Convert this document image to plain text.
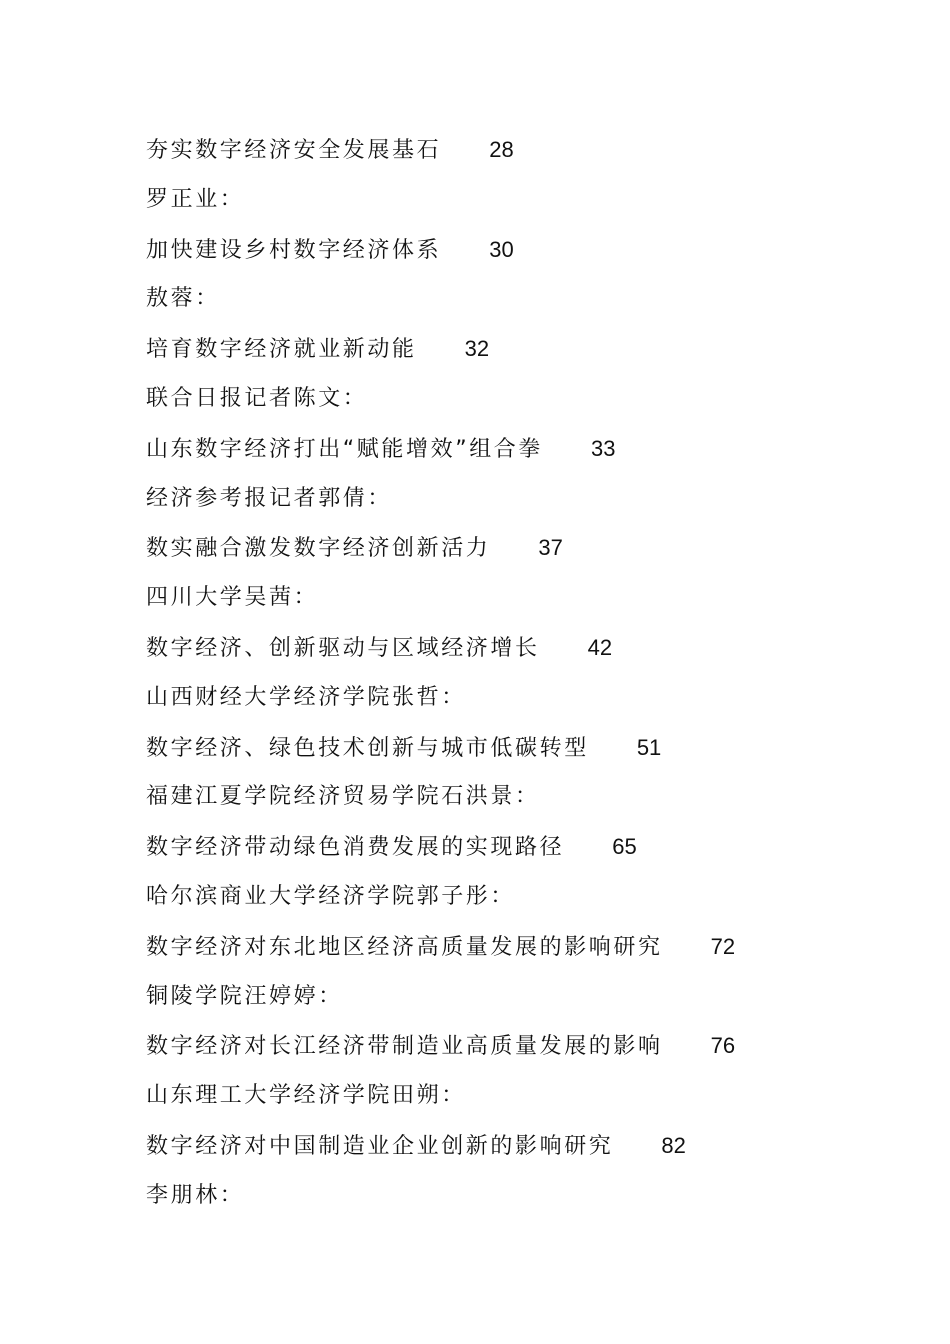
夯实数字经济安全发展基石 28
罗正业：
加快建设乡村数字经济体系 30
敖蓉：
培育数字经济就业新动能 32
联合日报记者陈文：
山东数字经济打出“赋能增效”组合拳 33
经济参考报记者郭倩：
数实融合激发数字经济创新活力 37
四川大学吴茜：
数字经济、创新驱动与区域经济增长 42
山西财经大学经济学院张哲：
数字经济、绿色技术创新与城市低碳转型 51
福建江夏学院经济贸易学院石洪景：
数字经济带动绿色消费发展的实现路径 65
哈尔滨商业大学经济学院郭子彤：
数字经济对东北地区经济高质量发展的影响研究 72
铜陵学院汪婷婷：
数字经济对长江经济带制造业高质量发展的影响 76
山东理工大学经济学院田朔：
数字经济对中国制造业企业创新的影响研究 82
李朋林：
